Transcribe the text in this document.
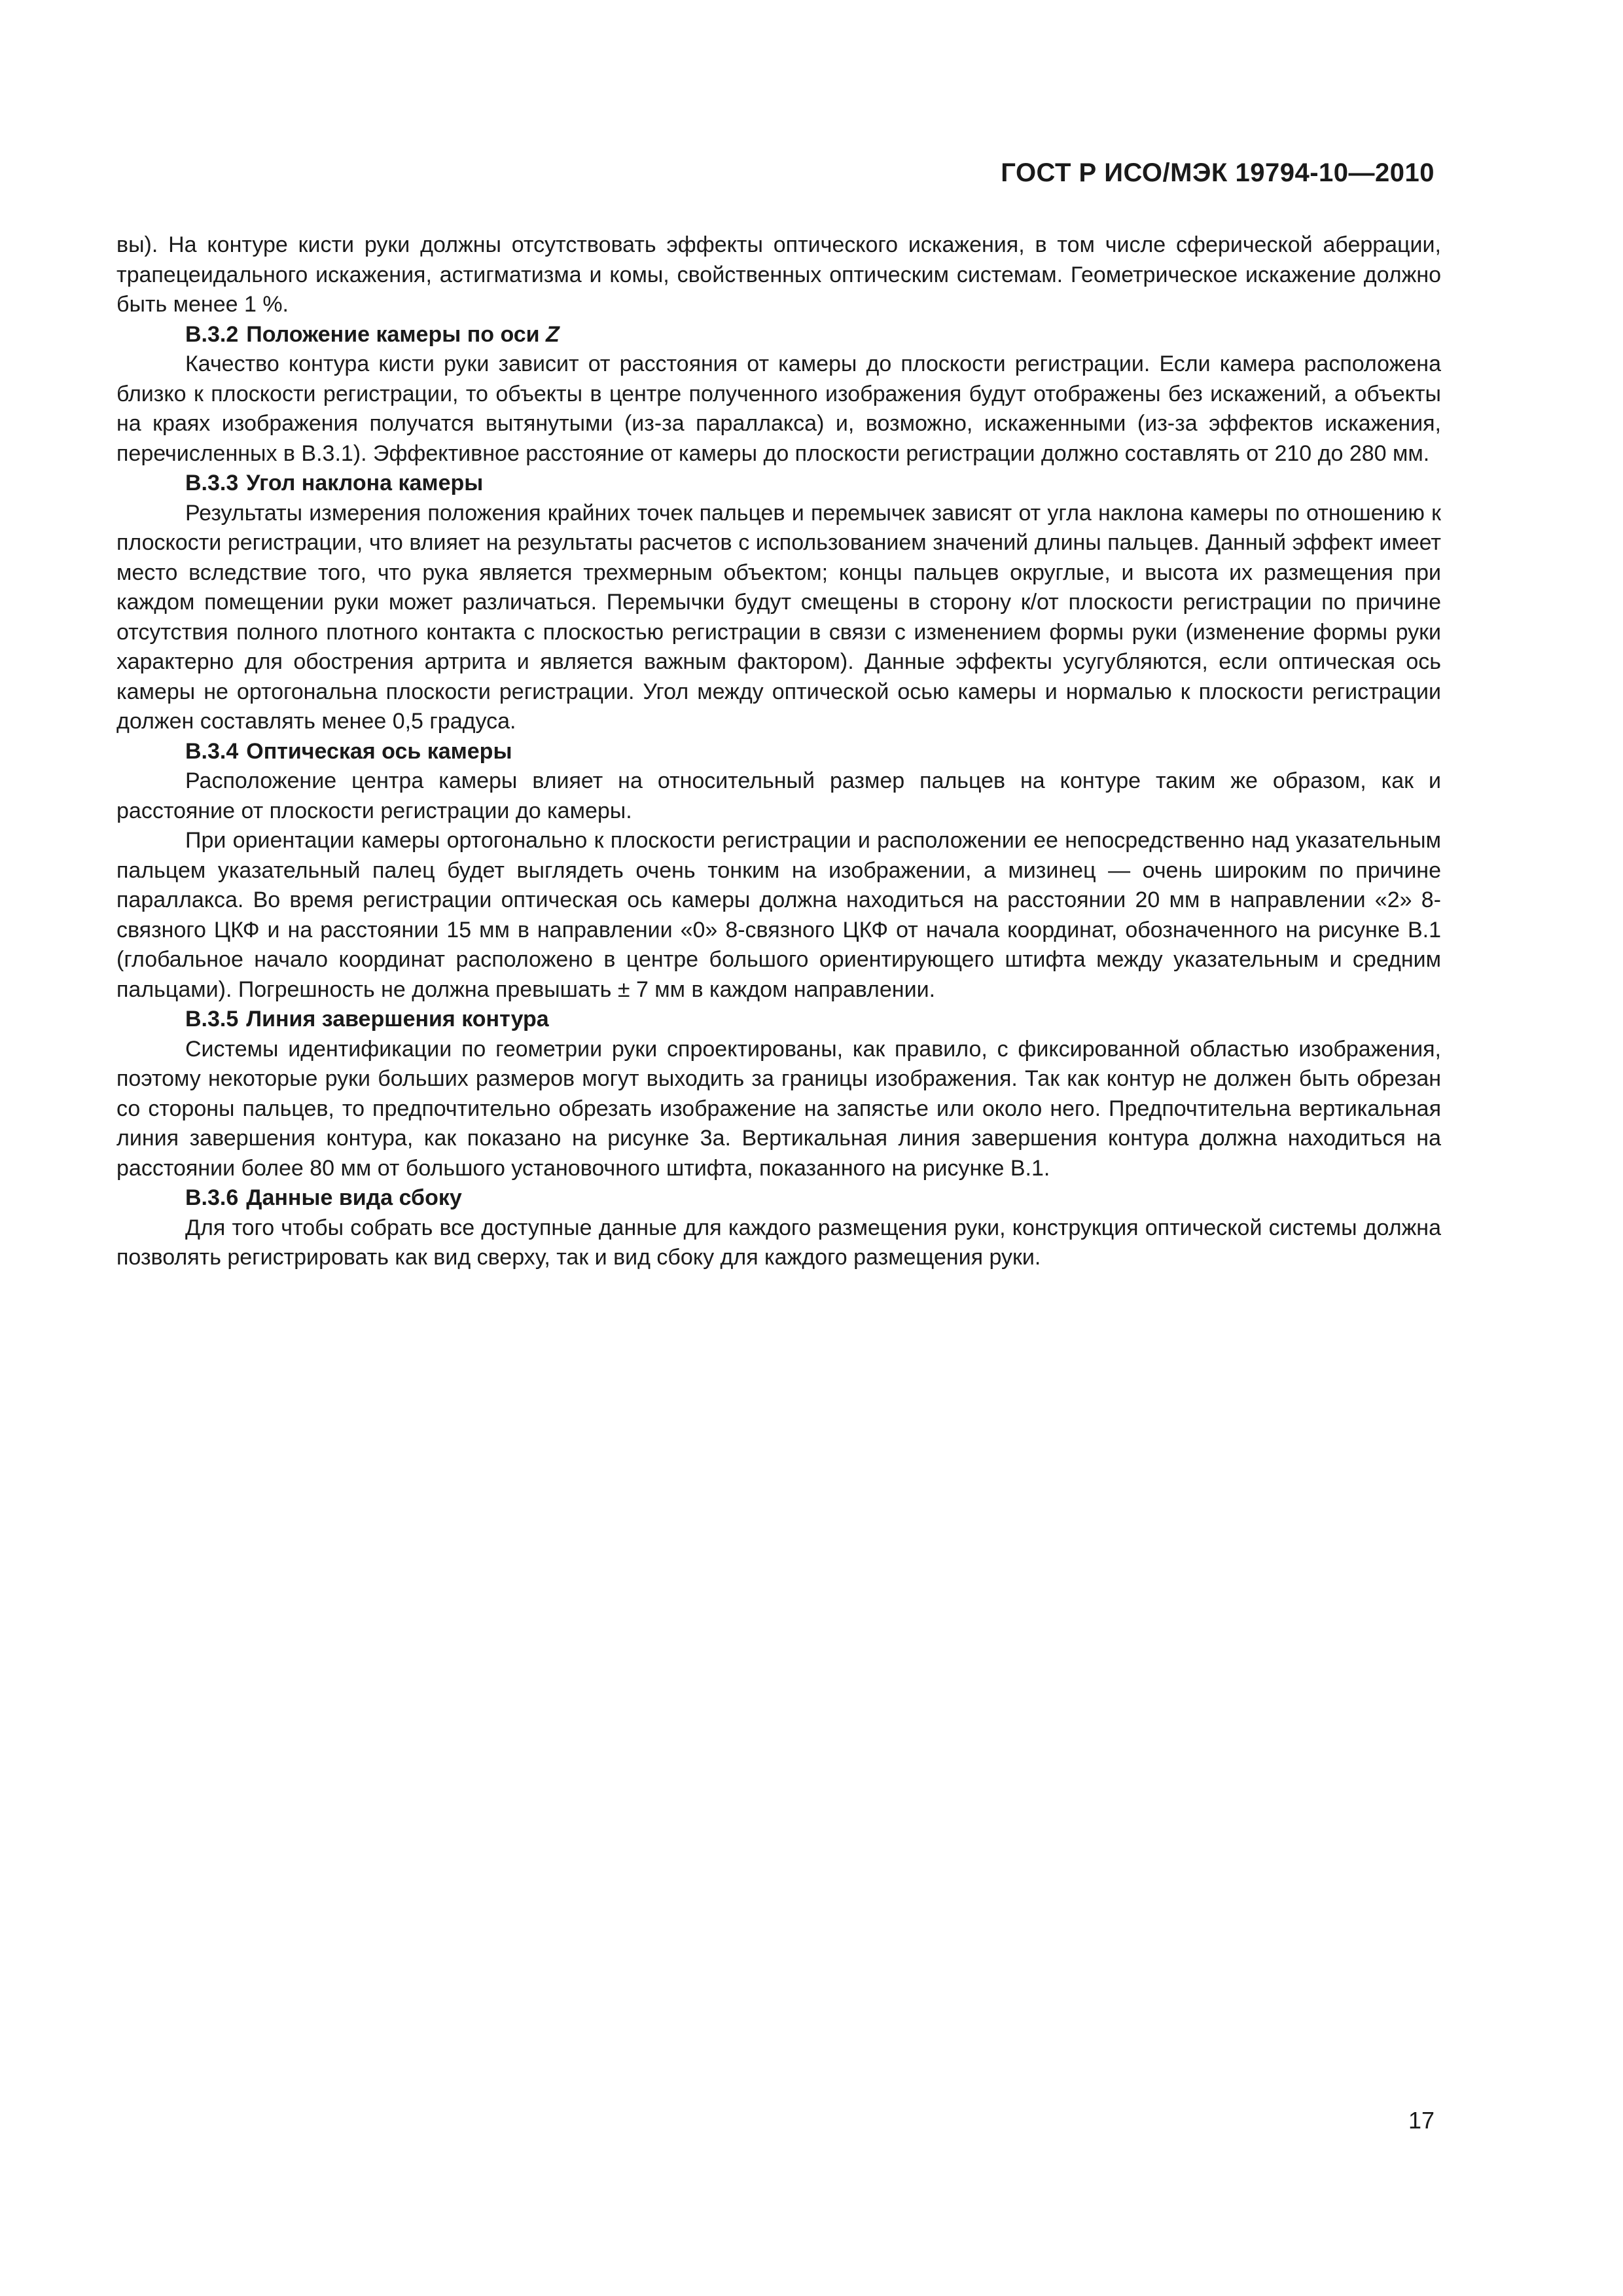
ГОСТ Р ИСО/МЭК 19794-10—2010

вы). На контуре кисти руки должны отсутствовать эффекты оптического искажения, в том числе сферической аберрации, трапецеидального искажения, астигматизма и комы, свойственных оптическим системам. Геометрическое искажение должно быть менее 1 %.

B.3.2 Положение камеры по оси Z

Качество контура кисти руки зависит от расстояния от камеры до плоскости регистрации. Если камера расположена близко к плоскости регистрации, то объекты в центре полученного изображения будут отображены без искажений, а объекты на краях изображения получатся вытянутыми (из-за параллакса) и, возможно, искаженными (из-за эффектов искажения, перечисленных в B.3.1). Эффективное расстояние от камеры до плоскости регистрации должно составлять от 210 до 280 мм.

B.3.3 Угол наклона камеры

Результаты измерения положения крайних точек пальцев и перемычек зависят от угла наклона камеры по отношению к плоскости регистрации, что влияет на результаты расчетов с использованием значений длины пальцев. Данный эффект имеет место вследствие того, что рука является трехмерным объектом; концы пальцев округлые, и высота их размещения при каждом помещении руки может различаться. Перемычки будут смещены в сторону к/от плоскости регистрации по причине отсутствия полного плотного контакта с плоскостью регистрации в связи с изменением формы руки (изменение формы руки характерно для обострения артрита и является важным фактором). Данные эффекты усугубляются, если оптическая ось камеры не ортогональна плоскости регистрации. Угол между оптической осью камеры и нормалью к плоскости регистрации должен составлять менее 0,5 градуса.

B.3.4 Оптическая ось камеры

Расположение центра камеры влияет на относительный размер пальцев на контуре таким же образом, как и расстояние от плоскости регистрации до камеры.

При ориентации камеры ортогонально к плоскости регистрации и расположении ее непосредственно над указательным пальцем указательный палец будет выглядеть очень тонким на изображении, а мизинец — очень широким по причине параллакса. Во время регистрации оптическая ось камеры должна находиться на расстоянии 20 мм в направлении «2» 8-связного ЦКФ и на расстоянии 15 мм в направлении «0» 8-связного ЦКФ от начала координат, обозначенного на рисунке B.1 (глобальное начало координат расположено в центре большого ориентирующего штифта между указательным и средним пальцами). Погрешность не должна превышать ± 7 мм в каждом направлении.

B.3.5 Линия завершения контура

Системы идентификации по геометрии руки спроектированы, как правило, с фиксированной областью изображения, поэтому некоторые руки больших размеров могут выходить за границы изображения. Так как контур не должен быть обрезан со стороны пальцев, то предпочтительно обрезать изображение на запястье или около него. Предпочтительна вертикальная линия завершения контура, как показано на рисунке 3а. Вертикальная линия завершения контура должна находиться на расстоянии более 80 мм от большого установочного штифта, показанного на рисунке B.1.

B.3.6 Данные вида сбоку

Для того чтобы собрать все доступные данные для каждого размещения руки, конструкция оптической системы должна позволять регистрировать как вид сверху, так и вид сбоку для каждого размещения руки.

17
